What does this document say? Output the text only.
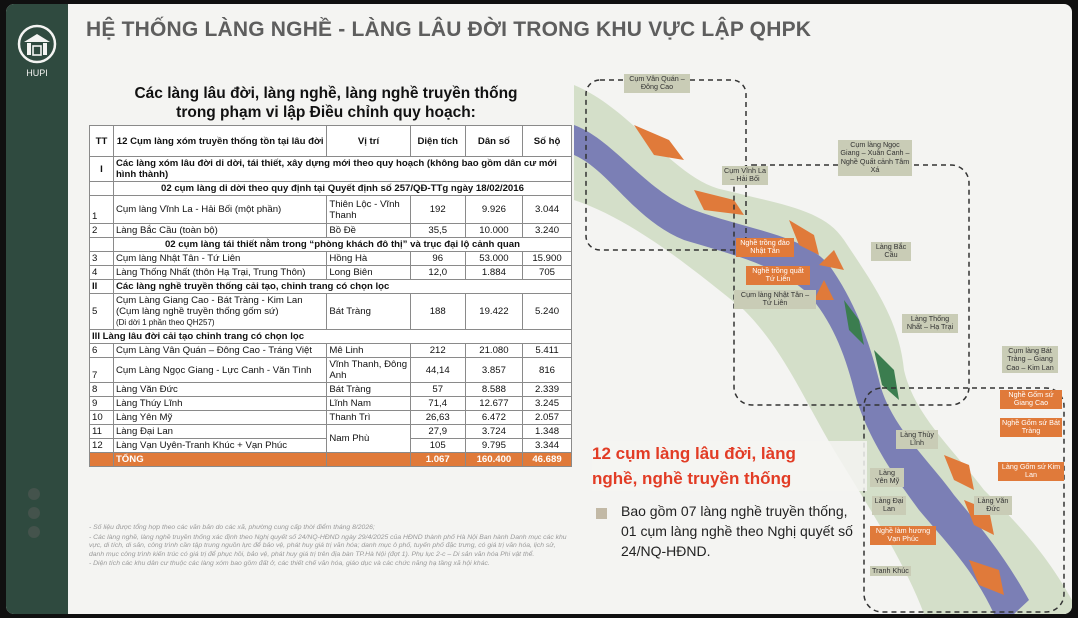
HUPI
HỆ THỐNG LÀNG NGHỀ - LÀNG LÂU ĐỜI TRONG KHU VỰC LẬP QHPK
Các làng lâu đời, làng nghề, làng nghề truyền thống
trong phạm vi lập Điều chỉnh quy hoạch:
TT	12 Cụm làng xóm truyền thống tồn tại lâu đời	Vị trí	Diện tích	Dân số	Số hộ
I	Các làng xóm lâu đời di dời, tái thiết, xây dựng mới theo quy hoạch (không bao gồm dân cư mới hình thành)				
	02 cụm làng di dời theo quy định tại Quyết định số 257/QĐ-TTg ngày 18/02/2016				
1	Cụm làng Vĩnh La - Hải Bối (một phần)	Thiên Lộc - Vĩnh Thanh	192	9.926	3.044
2	Làng Bắc Cầu (toàn bộ)	Bồ Đề	35,5	10.000	3.240
	02 cụm làng tái thiết nằm trong “phòng khách đô thị” và trục đại lộ cảnh quan				
3	Cụm làng Nhật Tân - Tứ Liên	Hồng Hà	96	53.000	15.900
4	Làng Thống Nhất (thôn Hạ Trại, Trung Thôn)	Long Biên	12,0	1.884	705
II	Các làng nghề truyền thống cải tạo, chỉnh trang có chọn lọc				
5	Cụm Làng Giang Cao - Bát Tràng - Kim Lan (Cụm làng nghề truyền thống gốm sứ)
(Di dời 1 phần theo QH257)	Bát Tràng	188	19.422	5.240
III Làng lâu đời cải tạo chỉnh trang có chọn lọc					
6	Cụm Làng Vân Quán – Đông Cao - Tráng Việt	Mê Linh	212	21.080	5.411
7	Cụm Làng Ngọc Giang - Lực Canh - Văn Tình	Vĩnh Thanh, Đông Anh	44,14	3.857	816
8	Làng Văn Đức	Bát Tràng	57	8.588	2.339
9	Làng Thúy Lĩnh	Lĩnh Nam	71,4	12.677	3.245
10	Làng Yên Mỹ	Thanh Trì	26,63	6.472	2.057
11	Làng Đại Lan	Nam Phù	27,9	3.724	1.348
12	Làng Vạn Uyên-Tranh Khúc + Vạn Phúc		105	9.795	3.344
	TỔNG		1.067	160.400	46.689
- Số liệu được tổng hợp theo các văn bản do các xã, phường cung cấp thời điểm tháng 8/2026;
- Các làng nghề, làng nghề truyền thống xác định theo Nghị quyết số 24/NQ-HĐND ngày 29/4/2025 của HĐND thành phố Hà Nội Ban hành Danh mục các khu vực, di tích, di sản, công trình cần tập trung nguồn lực để bảo vệ, phát huy giá trị văn hóa; danh mục ô phố, tuyến phố đặc trưng, có giá trị văn hóa, lịch sử, danh mục công trình kiến trúc có giá trị để phục hồi, bảo vệ, phát huy giá trị trên địa bàn TP.Hà Nội (đợt 1). Phụ lục 2-c – Di sản văn hóa Phi vật thể.
- Diện tích các khu dân cư thuộc các làng xóm bao gồm đất ở, các thiết chế văn hóa, giáo dục và các chức năng hạ tầng xã hội khác.
Cụm Vân Quán – Đông Cao
Cụm làng Ngọc Giang – Xuân Canh – Nghề Quất cảnh Tâm Xá
Cụm Vĩnh La – Hải Bối
Nghề trồng đào Nhật Tân	Làng Bắc Cầu
Nghề trồng quất Tứ Liên
Cụm làng Nhật Tân – Tứ Liên
Làng Thống Nhất – Hạ Trại
Cụm làng Bát Tràng – Giang Cao – Kim Lan
Nghề Gốm sứ Giang Cao
Nghề Gốm sứ Bát Tràng
Làng Gốm sứ Kim Lan
Làng Thủy Lĩnh
Làng Yên Mỹ
Làng Đại Lan
Làng Văn Đức
Nghề làm hương Vạn Phúc
Tranh Khúc
12 cụm làng lâu đời, làng
nghề, nghề truyền thống
Bao gồm 07 làng nghề truyền thống, 01 cụm làng nghề theo Nghị quyết số 24/NQ-HĐND.
